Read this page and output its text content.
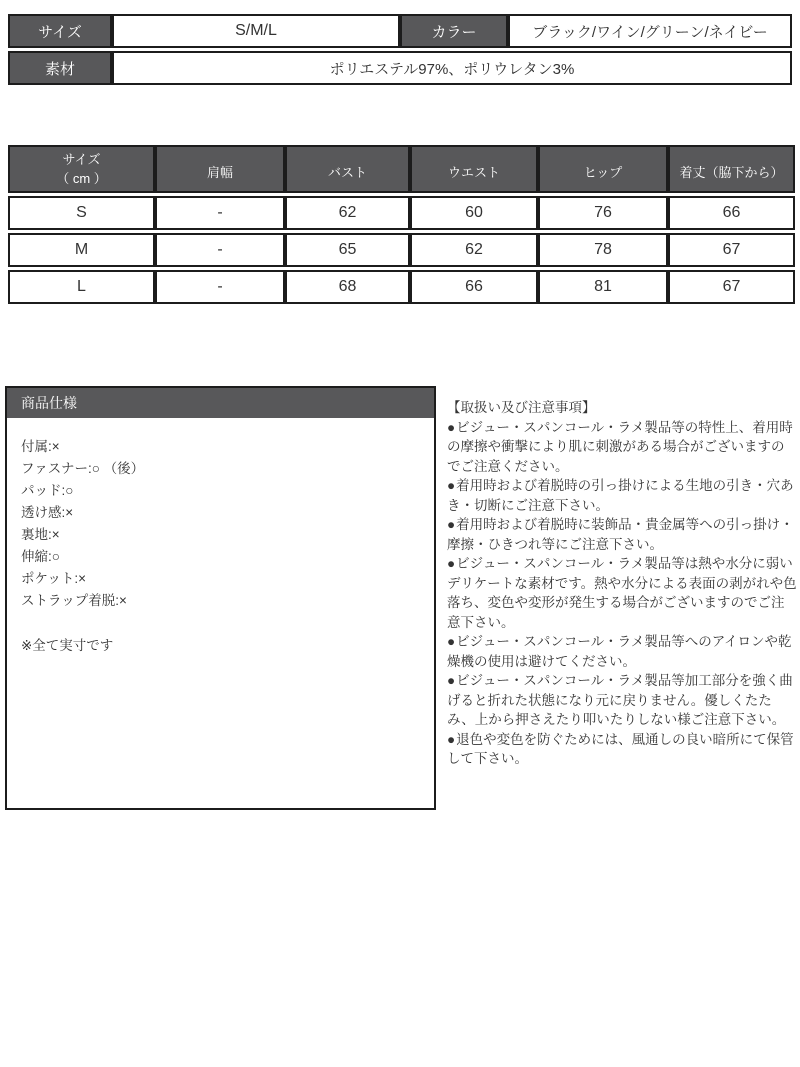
サイズ	S/M/L	カラー	ブラック/ワイン/グリーン/ネイビー
素材	ポリエステル97%、ポリウレタン3%		
サイズ
（ cm ）	肩幅	バスト	ウエスト	ヒップ	着丈（脇下から）
S	-	62	60	76	66
M	-	65	62	78	67
L	-	68	66	81	67
商品仕様
付属:×
ファスナー:○ （後）
パッド:○
透け感:×
裏地:×
伸縮:○
ポケット:×
ストラップ着脱:×
※全て実寸です
【取扱い及び注意事項】

●ビジュー・スパンコール・ラメ製品等の特性上、着用時の摩擦や衝撃により肌に刺激がある場合がございますのでご注意ください。

●着用時および着脱時の引っ掛けによる生地の引き・穴あき・切断にご注意下さい。

●着用時および着脱時に装飾品・貴金属等への引っ掛け・摩擦・ひきつれ等にご注意下さい。

●ビジュー・スパンコール・ラメ製品等は熱や水分に弱いデリケートな素材です。熱や水分による表面の剥がれや色落ち、変色や変形が発生する場合がございますのでご注意下さい。

●ビジュー・スパンコール・ラメ製品等へのアイロンや乾燥機の使用は避けてください。

●ビジュー・スパンコール・ラメ製品等加工部分を強く曲げると折れた状態になり元に戻りません。優しくたたみ、上から押さえたり叩いたりしない様ご注意下さい。

●退色や変色を防ぐためには、風通しの良い暗所にて保管して下さい。
